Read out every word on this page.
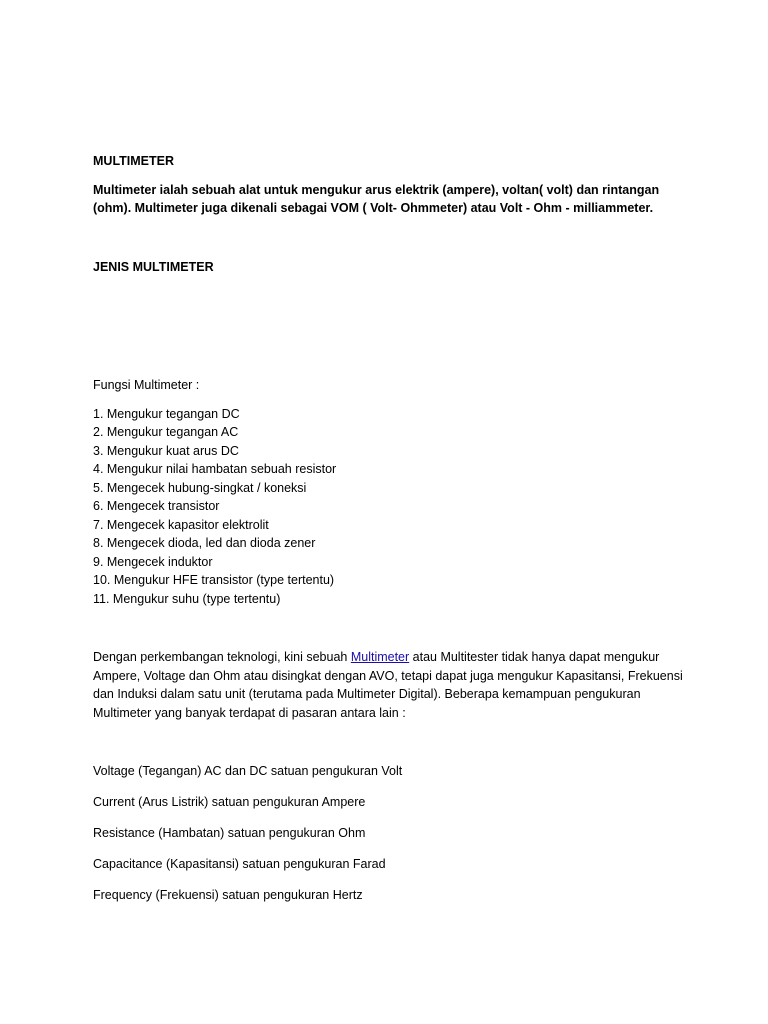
MULTIMETER

Multimeter ialah sebuah alat untuk mengukur arus elektrik (ampere), voltan( volt) dan rintangan (ohm). Multimeter juga dikenali sebagai VOM ( Volt- Ohmmeter) atau Volt - Ohm - milliammeter.

JENIS MULTIMETER

Fungsi Multimeter :

1. Mengukur tegangan DC
2. Mengukur tegangan AC
3. Mengukur kuat arus DC
4. Mengukur nilai hambatan sebuah resistor
5. Mengecek hubung-singkat / koneksi
6. Mengecek transistor
7. Mengecek kapasitor elektrolit
8. Mengecek dioda, led dan dioda zener
9. Mengecek induktor
10. Mengukur HFE transistor (type tertentu)
11. Mengukur suhu (type tertentu)

Dengan perkembangan teknologi, kini sebuah Multimeter atau Multitester tidak hanya dapat mengukur Ampere, Voltage dan Ohm atau disingkat dengan AVO, tetapi dapat juga mengukur Kapasitansi, Frekuensi dan Induksi dalam satu unit (terutama pada Multimeter Digital). Beberapa kemampuan pengukuran Multimeter yang banyak terdapat di pasaran antara lain :

Voltage (Tegangan) AC dan DC satuan pengukuran Volt
Current (Arus Listrik) satuan pengukuran Ampere
Resistance (Hambatan) satuan pengukuran Ohm
Capacitance (Kapasitansi) satuan pengukuran Farad
Frequency (Frekuensi) satuan pengukuran Hertz
